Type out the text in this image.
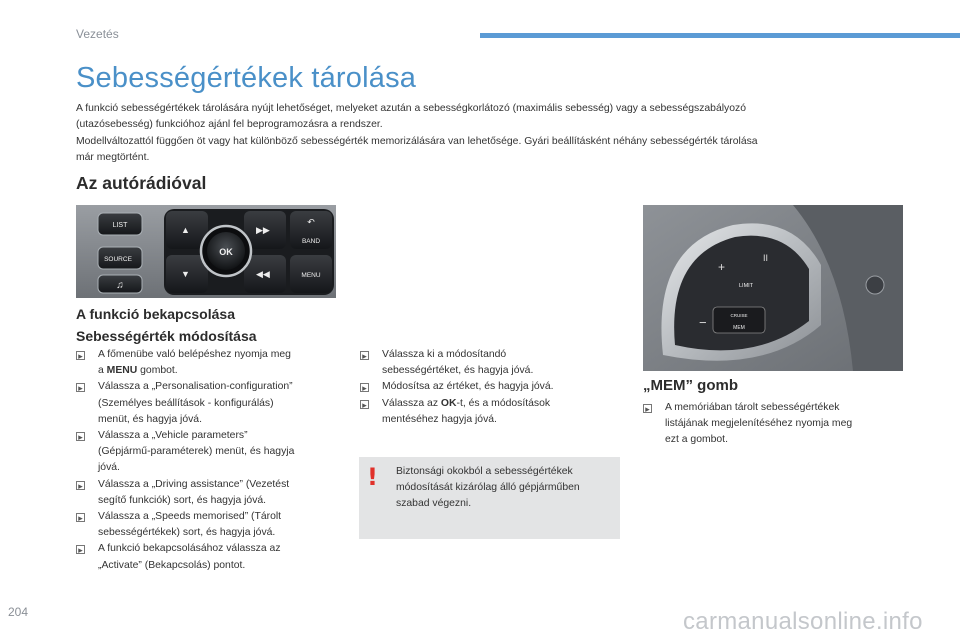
Vezetés
Sebességértékek tárolása
A funkció sebességértékek tárolására nyújt lehetőséget, melyeket azután a sebességkorlátozó (maximális sebesség) vagy a sebességszabályozó
(utazósebesség) funkcióhoz ajánl fel beprogramozásra a rendszer.
Modellváltozattól függően öt vagy hat különböző sebességérték memorizálására van lehetősége. Gyári beállításként néhány sebességérték tárolása
már megtörtént.
Az autórádióval
LIST
SOURCE
♫
▲
▼
▶▶
◀◀
OK
↶
BAND
MENU
A funkció bekapcsolása
Sebességérték módosítása
▸ A főmenübe való belépéshez nyomja meg
a MENU gombot.
▸ Válassza a „Personalisation-configuration”
(Személyes beállítások - konfigurálás)
menüt, és hagyja jóvá.
▸ Válassza a „Vehicle parameters”
(Gépjármű-paraméterek) menüt, és hagyja
jóvá.
▸ Válassza a „Driving assistance” (Vezetést
segítő funkciók) sort, és hagyja jóvá.
▸ Válassza a „Speeds memorised” (Tárolt
sebességértékek) sort, és hagyja jóvá.
▸ A funkció bekapcsolásához válassza az
„Activate” (Bekapcsolás) pontot.
▸ Válassza ki a módosítandó
sebességértéket, és hagyja jóvá.
▸ Módosítsa az értéket, és hagyja jóvá.
▸ Válassza az OK-t, és a módosítások
mentéséhez hagyja jóvá.
! Biztonsági okokból a sebességértékek
módosítását kizárólag álló gépjárműben
szabad végezni.
+
−
II
LIMIT
CRUISE
MEM
„MEM” gomb
▸ A memóriában tárolt sebességértékek
listájának megjelenítéséhez nyomja meg
ezt a gombot.
204	carmanualsonline.info
